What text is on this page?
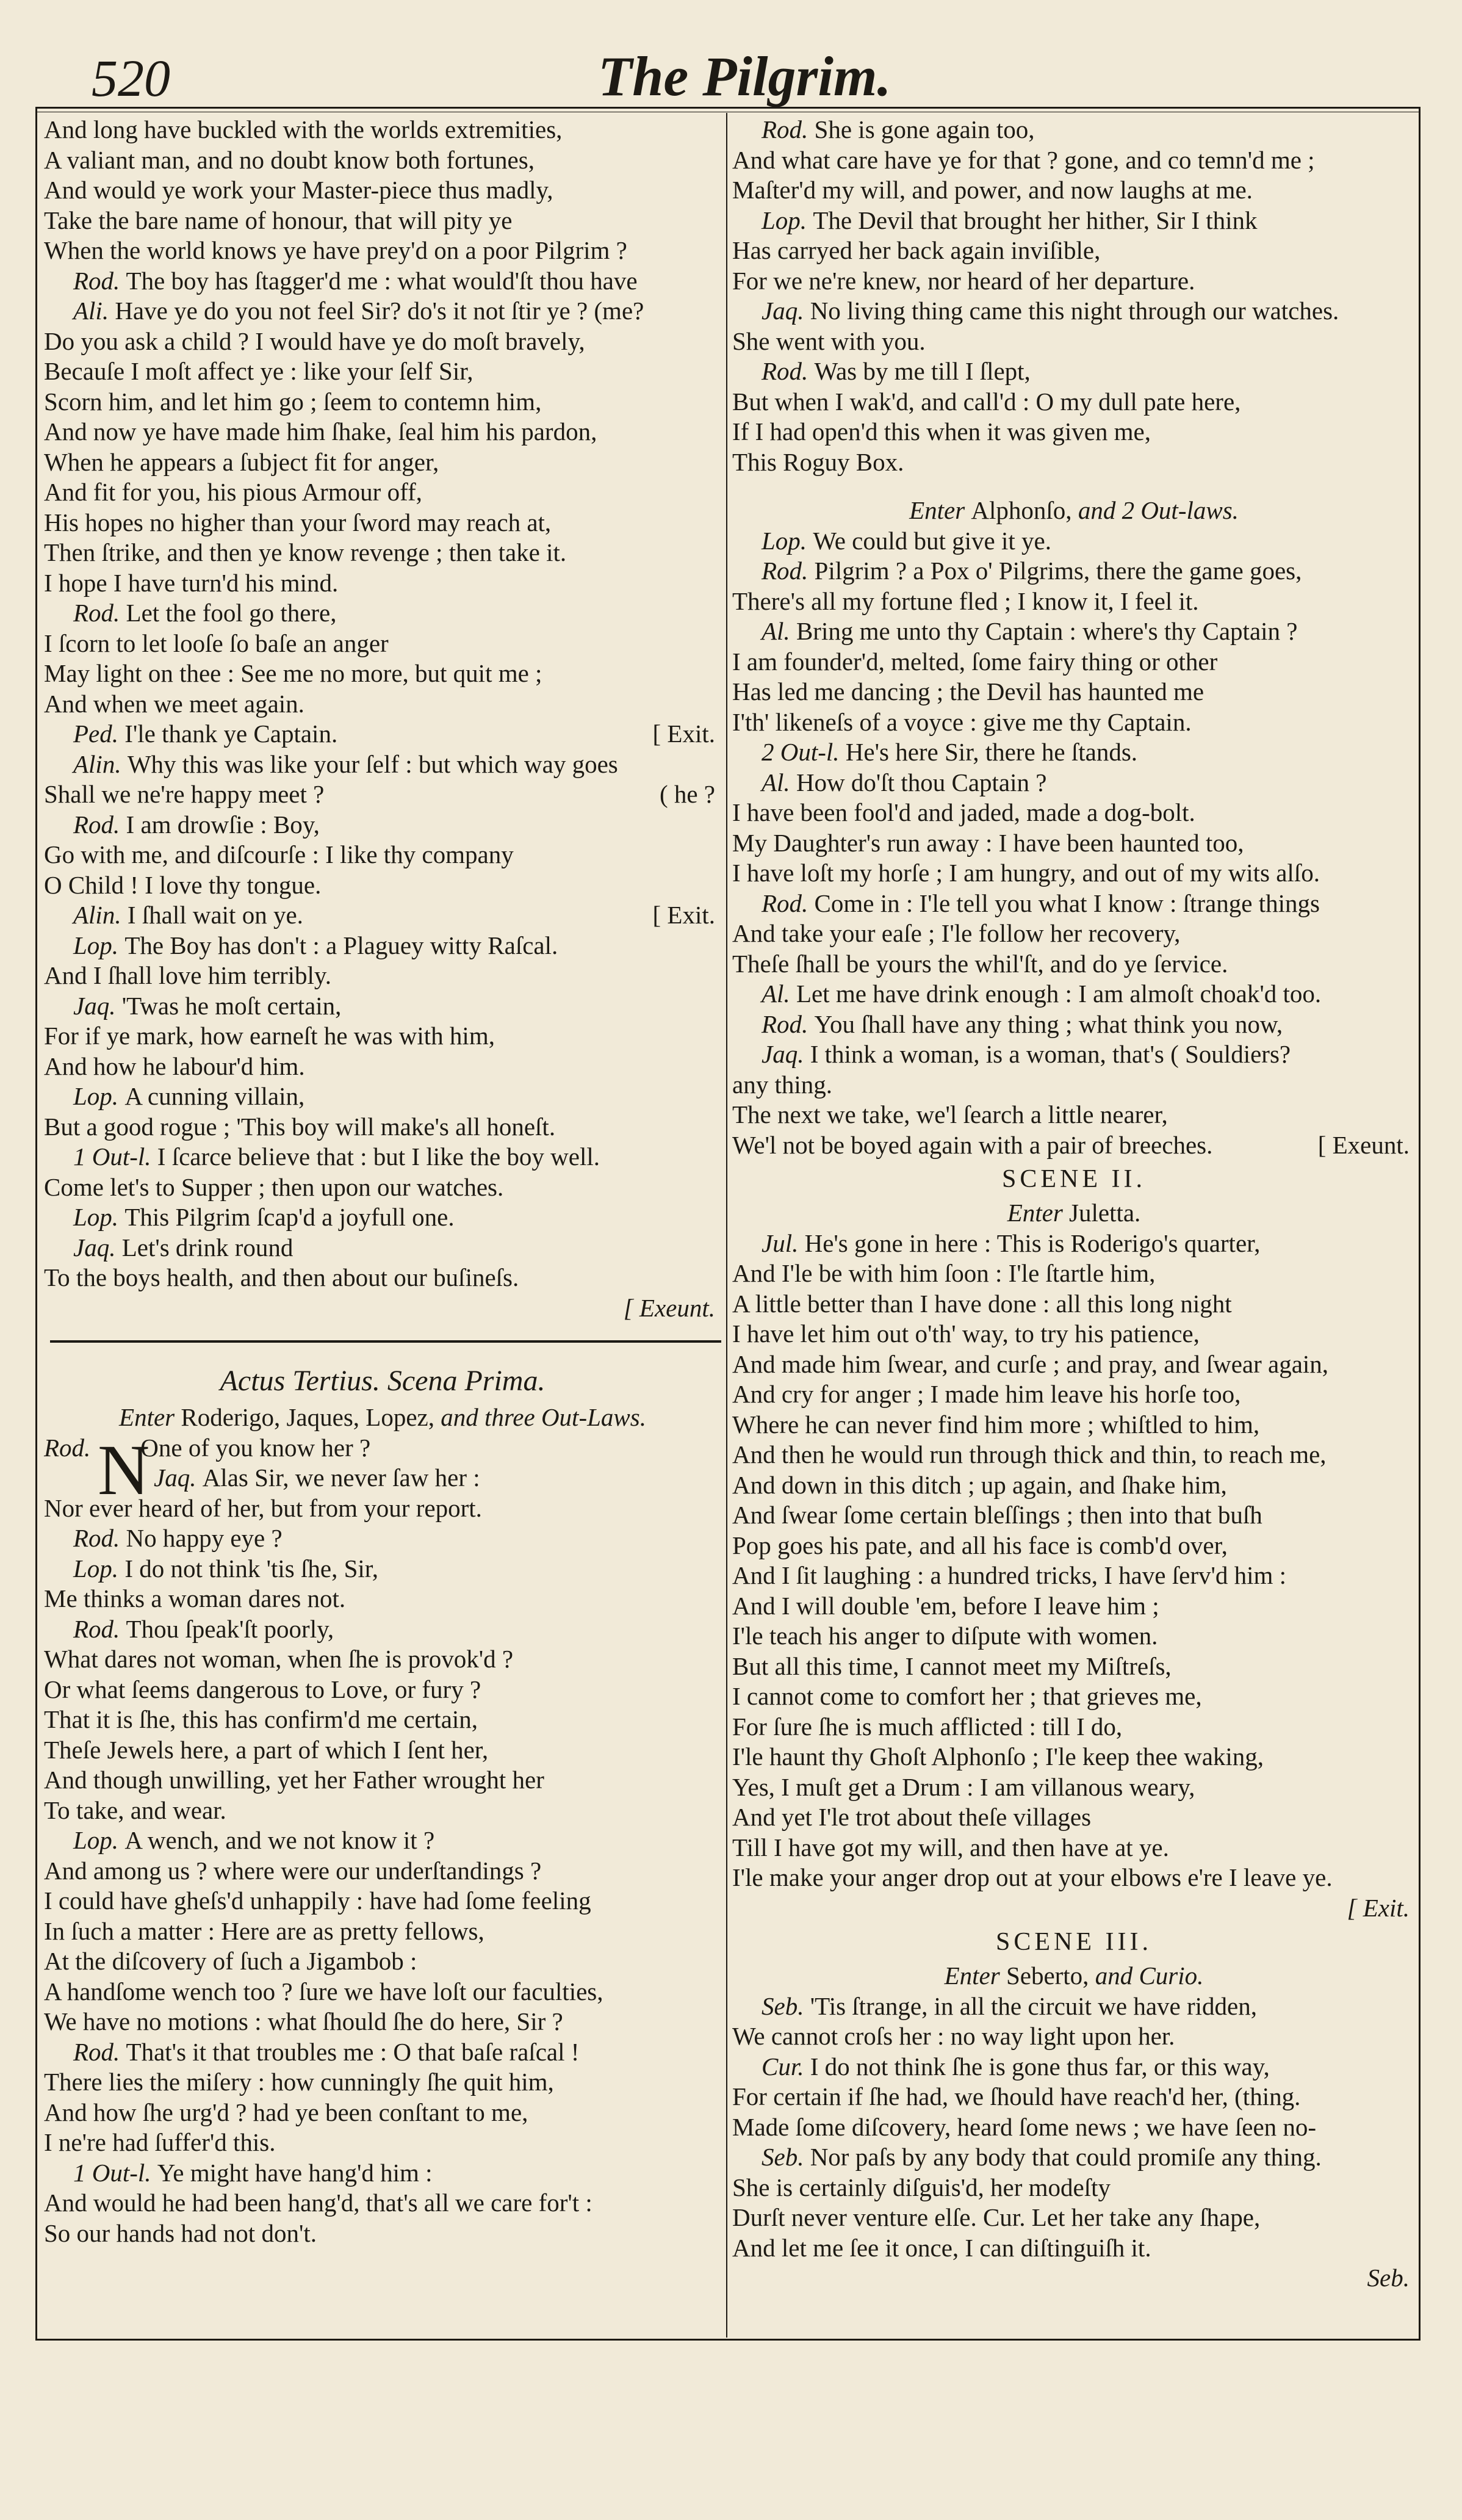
520	The Pilgrim.
And long have buckled with the worlds extremities,
A valiant man, and no doubt know both fortunes,
And would ye work your Master-piece thus madly,
Take the bare name of honour, that will pity ye
When the world knows ye have prey'd on a poor Pilgrim ?
Rod. The boy has ſtagger'd me : what would'ſt thou have
Ali. Have ye do you not feel Sir? do's it not ſtir ye ? (me?
Do you ask a child ? I would have ye do moſt bravely,
Becauſe I moſt affect ye : like your ſelf Sir,
Scorn him, and let him go ; ſeem to contemn him,
And now ye have made him ſhake, ſeal him his pardon,
When he appears a ſubject fit for anger,
And fit for you, his pious Armour off,
His hopes no higher than your ſword may reach at,
Then ſtrike, and then ye know revenge ; then take it.
I hope I have turn'd his mind.
Rod. Let the fool go there,
I ſcorn to let looſe ſo baſe an anger
May light on thee : See me no more, but quit me ;
And when we meet again.
Ped. I'le thank ye Captain.	[ Exit.
Alin. Why this was like your ſelf : but which way goes
Shall we ne're happy meet ?	( he ?
Rod. I am drowſie : Boy,
Go with me, and diſcourſe : I like thy company
O Child ! I love thy tongue.
Alin. I ſhall wait on ye.	[ Exit.
Lop. The Boy has don't : a Plaguey witty Raſcal.
And I ſhall love him terribly.
Jaq. 'Twas he moſt certain,
For if ye mark, how earneſt he was with him,
And how he labour'd him.
Lop. A cunning villain,
But a good rogue ; 'This boy will make's all honeſt.
1 Out-l. I ſcarce believe that : but I like the boy well.
Come let's to Supper ; then upon our watches.
Lop. This Pilgrim ſcap'd a joyfull one.
Jaq. Let's drink round
To the boys health, and then about our buſineſs.
[ Exeunt.
Actus Tertius. Scena Prima.
Enter Roderigo, Jaques, Lopez, and three Out-Laws.
Rod. N
One of you know her ?
Jaq. Alas Sir, we never ſaw her :
Nor ever heard of her, but from your report.
Rod. No happy eye ?
Lop. I do not think 'tis ſhe, Sir,
Me thinks a woman dares not.
Rod. Thou ſpeak'ſt poorly,
What dares not woman, when ſhe is provok'd ?
Or what ſeems dangerous to Love, or fury ?
That it is ſhe, this has confirm'd me certain,
Theſe Jewels here, a part of which I ſent her,
And though unwilling, yet her Father wrought her
To take, and wear.
Lop. A wench, and we not know it ?
And among us ? where were our underſtandings ?
I could have gheſs'd unhappily : have had ſome feeling
In ſuch a matter : Here are as pretty fellows,
At the diſcovery of ſuch a Jigambob :
A handſome wench too ? ſure we have loſt our faculties,
We have no motions : what ſhould ſhe do here, Sir ?
Rod. That's it that troubles me : O that baſe raſcal !
There lies the miſery : how cunningly ſhe quit him,
And how ſhe urg'd ? had ye been conſtant to me,
I ne're had ſuffer'd this.
1 Out-l. Ye might have hang'd him :
And would he had been hang'd, that's all we care for't :
So our hands had not don't.
Rod. She is gone again too,
And what care have ye for that ? gone, and co temn'd me ;
Maſter'd my will, and power, and now laughs at me.
Lop. The Devil that brought her hither, Sir I think
Has carryed her back again inviſible,
For we ne're knew, nor heard of her departure.
Jaq. No living thing came this night through our watches.
She went with you.
Rod. Was by me till I ſlept,
But when I wak'd, and call'd : O my dull pate here,
If I had open'd this when it was given me,
This Roguy Box.
Enter Alphonſo, and 2 Out-laws.
Lop. We could but give it ye.
Rod. Pilgrim ? a Pox o' Pilgrims, there the game goes,
There's all my fortune fled ; I know it, I feel it.
Al. Bring me unto thy Captain : where's thy Captain ?
I am founder'd, melted, ſome fairy thing or other
Has led me dancing ; the Devil has haunted me
I'th' likeneſs of a voyce : give me thy Captain.
2 Out-l. He's here Sir, there he ſtands.
Al. How do'ſt thou Captain ?
I have been fool'd and jaded, made a dog-bolt.
My Daughter's run away : I have been haunted too,
I have loſt my horſe ; I am hungry, and out of my wits alſo.
Rod. Come in : I'le tell you what I know : ſtrange things
And take your eaſe ; I'le follow her recovery,
Theſe ſhall be yours the whil'ſt, and do ye ſervice.
Al. Let me have drink enough : I am almoſt choak'd too.
Rod. You ſhall have any thing ; what think you now,
Jaq. I think a woman, is a woman, that's ( Souldiers?
any thing.
The next we take, we'l ſearch a little nearer,
We'l not be boyed again with a pair of breeches.	[ Exeunt.
SCENE II.
Enter Juletta.
Jul. He's gone in here : This is Roderigo's quarter,
And I'le be with him ſoon : I'le ſtartle him,
A little better than I have done : all this long night
I have let him out o'th' way, to try his patience,
And made him ſwear, and curſe ; and pray, and ſwear again,
And cry for anger ; I made him leave his horſe too,
Where he can never find him more ; whiſtled to him,
And then he would run through thick and thin, to reach me,
And down in this ditch ; up again, and ſhake him,
And ſwear ſome certain bleſſings ; then into that buſh
Pop goes his pate, and all his face is comb'd over,
And I ſit laughing : a hundred tricks, I have ſerv'd him :
And I will double 'em, before I leave him ;
I'le teach his anger to diſpute with women.
But all this time, I cannot meet my Miſtreſs,
I cannot come to comfort her ; that grieves me,
For ſure ſhe is much afflicted : till I do,
I'le haunt thy Ghoſt Alphonſo ; I'le keep thee waking,
Yes, I muſt get a Drum : I am villanous weary,
And yet I'le trot about theſe villages
Till I have got my will, and then have at ye.
I'le make your anger drop out at your elbows e're I leave ye.
[ Exit.
SCENE III.
Enter Seberto, and Curio.
Seb. 'Tis ſtrange, in all the circuit we have ridden,
We cannot croſs her : no way light upon her.
Cur. I do not think ſhe is gone thus far, or this way,
For certain if ſhe had, we ſhould have reach'd her, (thing.
Made ſome diſcovery, heard ſome news ; we have ſeen no-
Seb. Nor paſs by any body that could promiſe any thing.
She is certainly diſguis'd, her modeſty
Durſt never venture elſe. Cur. Let her take any ſhape,
And let me ſee it once, I can diſtinguiſh it.
Seb.
